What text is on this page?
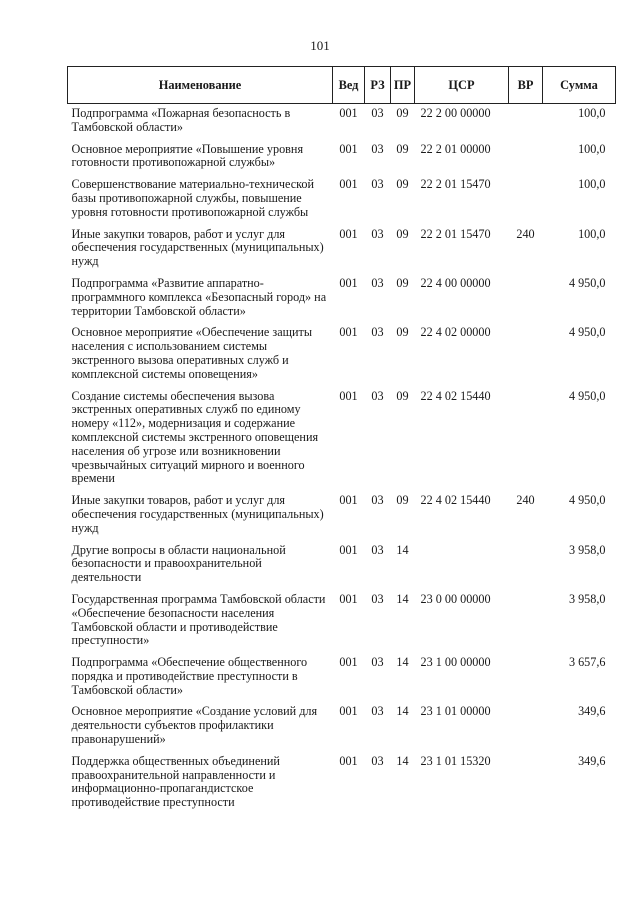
101
Наименование	Вед	РЗ	ПР	ЦСР	ВР	Сумма
Подпрограмма «Пожарная безопасность в Тамбовской области»	001	03	09	22 2 00 00000		100,0
Основное мероприятие «Повышение уровня готовности противопожарной службы»	001	03	09	22 2 01 00000		100,0
Совершенствование материально-технической базы противопожарной службы, повышение уровня готовности противопожарной службы	001	03	09	22 2 01 15470		100,0
Иные закупки товаров, работ и услуг для обеспечения государственных (муниципальных) нужд	001	03	09	22 2 01 15470	240	100,0
Подпрограмма «Развитие аппаратно-программного комплекса «Безопасный город» на территории Тамбовской области»	001	03	09	22 4 00 00000		4 950,0
Основное мероприятие «Обеспечение защиты населения с использованием системы экстренного вызова оперативных служб и комплексной системы оповещения»	001	03	09	22 4 02 00000		4 950,0
Создание системы обеспечения вызова экстренных оперативных служб по единому номеру «112», модернизация и содержание комплексной системы экстренного оповещения населения об угрозе или возникновении чрезвычайных ситуаций мирного и военного времени	001	03	09	22 4 02 15440		4 950,0
Иные закупки товаров, работ и услуг для обеспечения государственных (муниципальных) нужд	001	03	09	22 4 02 15440	240	4 950,0
Другие вопросы в области национальной безопасности и правоохранительной деятельности	001	03	14			3 958,0
Государственная программа Тамбовской области «Обеспечение безопасности населения Тамбовской области и противодействие преступности»	001	03	14	23 0 00 00000		3 958,0
Подпрограмма «Обеспечение общественного порядка и противодействие преступности в Тамбовской области»	001	03	14	23 1 00 00000		3 657,6
Основное мероприятие «Создание условий для деятельности субъектов профилактики правонарушений»	001	03	14	23 1 01 00000		349,6
Поддержка общественных объединений правоохранительной направленности и информационно-пропагандистское противодействие преступности	001	03	14	23 1 01 15320		349,6
